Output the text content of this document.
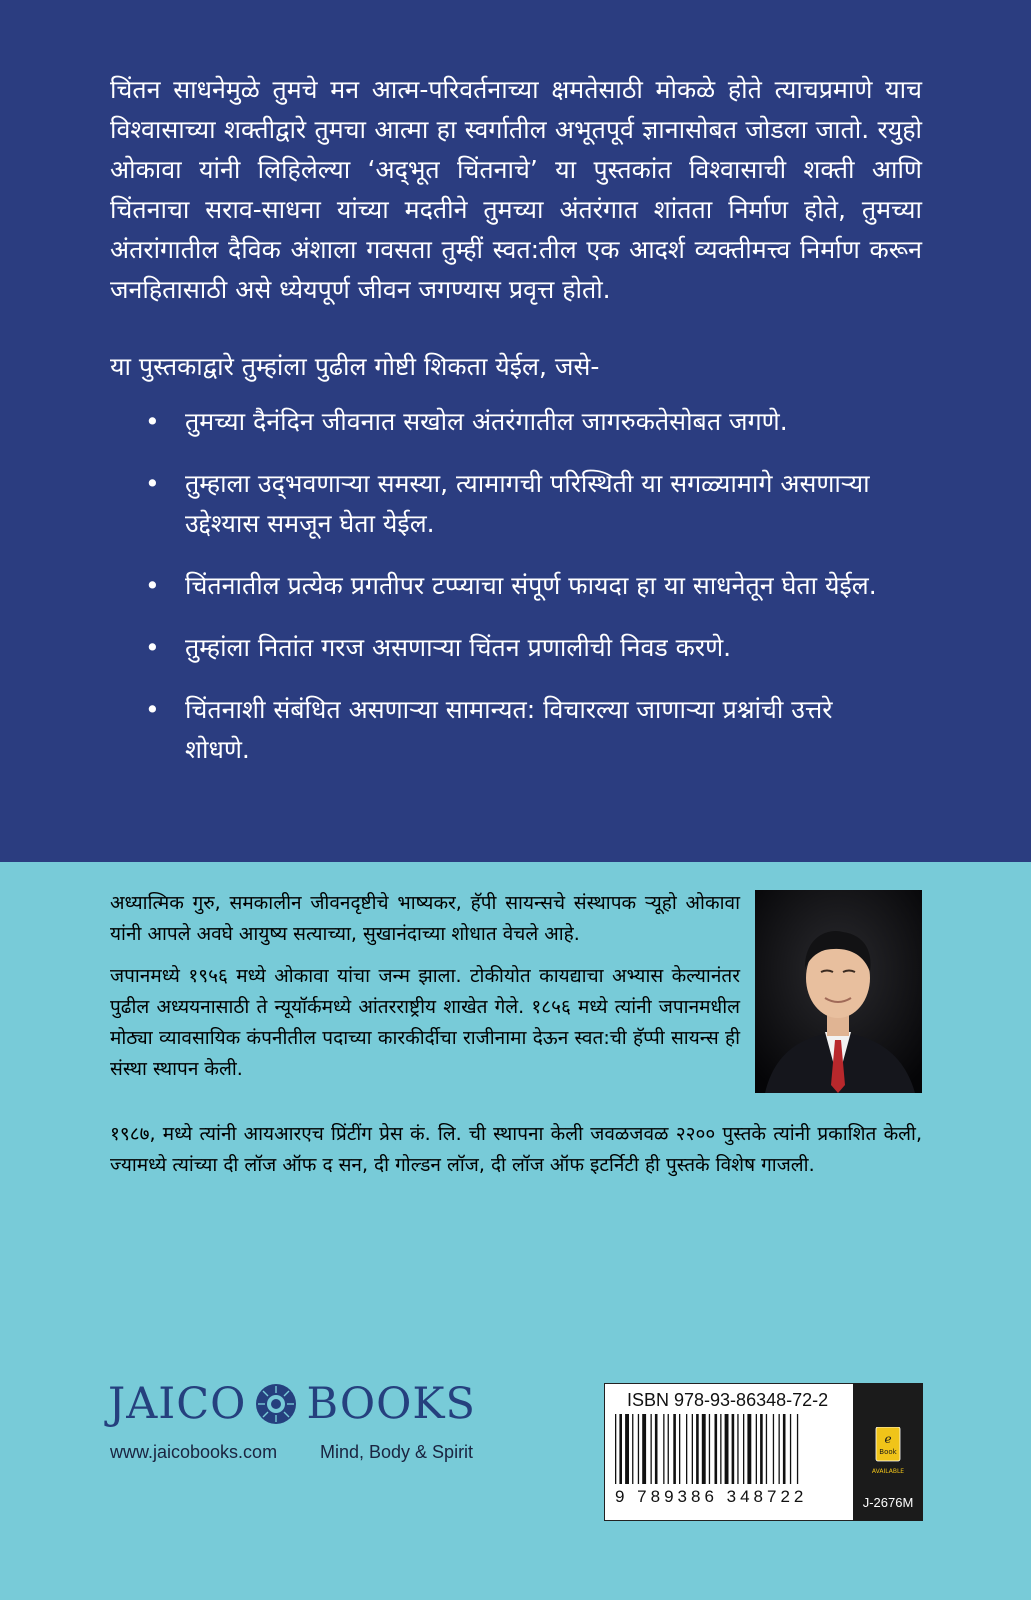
चिंतन साधनेमुळे तुमचे मन आत्म-परिवर्तनाच्या क्षमतेसाठी मोकळे होते त्याचप्रमाणे याच विश्वासाच्या शक्तीद्वारे तुमचा आत्मा हा स्वर्गातील अभूतपूर्व ज्ञानासोबत जोडला जातो. रयुहो ओकावा यांनी लिहिलेल्या ‘अद्‌भूत चिंतनाचे’ या पुस्तकांत विश्वासाची शक्ती आणि चिंतनाचा सराव-साधना यांच्या मदतीने तुमच्या अंतरंगात शांतता निर्माण होते, तुमच्या अंतरांगातील दैविक अंशाला गवसता तुम्हीं स्वत:तील एक आदर्श व्यक्तीमत्त्व निर्माण करून जनहितासाठी असे ध्येयपूर्ण जीवन जगण्यास प्रवृत्त होतो.

या पुस्तकाद्वारे तुम्हांला पुढील गोष्टी शिकता येईल, जसे-

• तुमच्या दैनंदिन जीवनात सखोल अंतरंगातील जागरुकतेसोबत जगणे.
• तुम्हाला उद्‌भवणाऱ्या समस्या, त्यामागची परिस्थिती या सगळ्यामागे असणाऱ्या उद्देश्यास समजून घेता येईल.
• चिंतनातील प्रत्येक प्रगतीपर टप्प्याचा संपूर्ण फायदा हा या साधनेतून घेता येईल.
• तुम्हांला नितांत गरज असणाऱ्या चिंतन प्रणालीची निवड करणे.
• चिंतनाशी संबंधित असणाऱ्या सामान्यत: विचारल्या जाणाऱ्या प्रश्नांची उत्तरे शोधणे.

अध्यात्मिक गुरु, समकालीन जीवनदृष्टीचे भाष्यकर, हॅपी सायन्सचे संस्थापक ऱ्यूहो ओकावा यांनी आपले अवघे आयुष्य सत्याच्या, सुखानंदाच्या शोधात वेचले आहे.

जपानमध्ये १९५६ मध्ये ओकावा यांचा जन्म झाला. टोकीयोत कायद्याचा अभ्यास केल्यानंतर पुढील अध्ययनासाठी ते न्यूयॉर्कमध्ये आंतरराष्ट्रीय शाखेत गेले. १८५६ मध्ये त्यांनी जपानमधील मोठ्या व्यावसायिक कंपनीतील पदाच्या कारकीर्दीचा राजीनामा देऊन स्वत:ची हॅप्पी सायन्स ही संस्था स्थापन केली.

१९८७, मध्ये त्यांनी आयआरएच प्रिंटींग प्रेस कं. लि. ची स्थापना केली जवळजवळ २२०० पुस्तके त्यांनी प्रकाशित केली, ज्यामध्ये त्यांच्या दी लॉज ऑफ द सन, दी गोल्डन लॉज, दी लॉज ऑफ इटर्निटी ही पुस्तके विशेष गाजली.

JAICO BOOKS
www.jaicobooks.com Mind, Body & Spirit
ISBN 978-93-86348-72-2
9 789386 348722
e
Book
AVAILABLE
J-2676M
